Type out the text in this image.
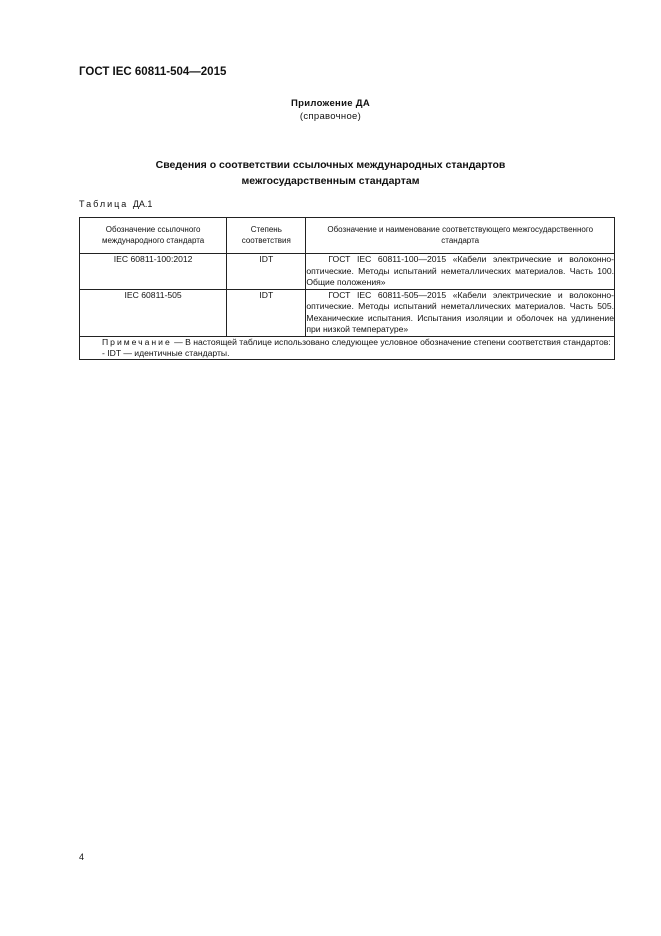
ГОСТ IEC 60811-504—2015
Приложение ДА
(справочное)
Сведения о соответствии ссылочных международных стандартов
межгосударственным стандартам
Таблица ДА.1
Обозначение ссылочного международного стандарта	Степень соответствия	Обозначение и наименование соответствующего межгосударственного стандарта
IEC 60811-100:2012	IDT	ГОСТ IEC 60811-100—2015 «Кабели электрические и волоконно-оптические. Методы испытаний неметаллических материалов. Часть 100. Общие положения»
IEC 60811-505	IDT	ГОСТ IEC 60811-505—2015 «Кабели электрические и волоконно-оптические. Методы испытаний неметаллических материалов. Часть 505. Механические испытания. Испытания изоляции и оболочек на удлинение при низкой температуре»

Примечание — В настоящей таблице использовано следующее условное обозначение степени соответствия стандартов:
- IDT — идентичные стандарты.		
4
